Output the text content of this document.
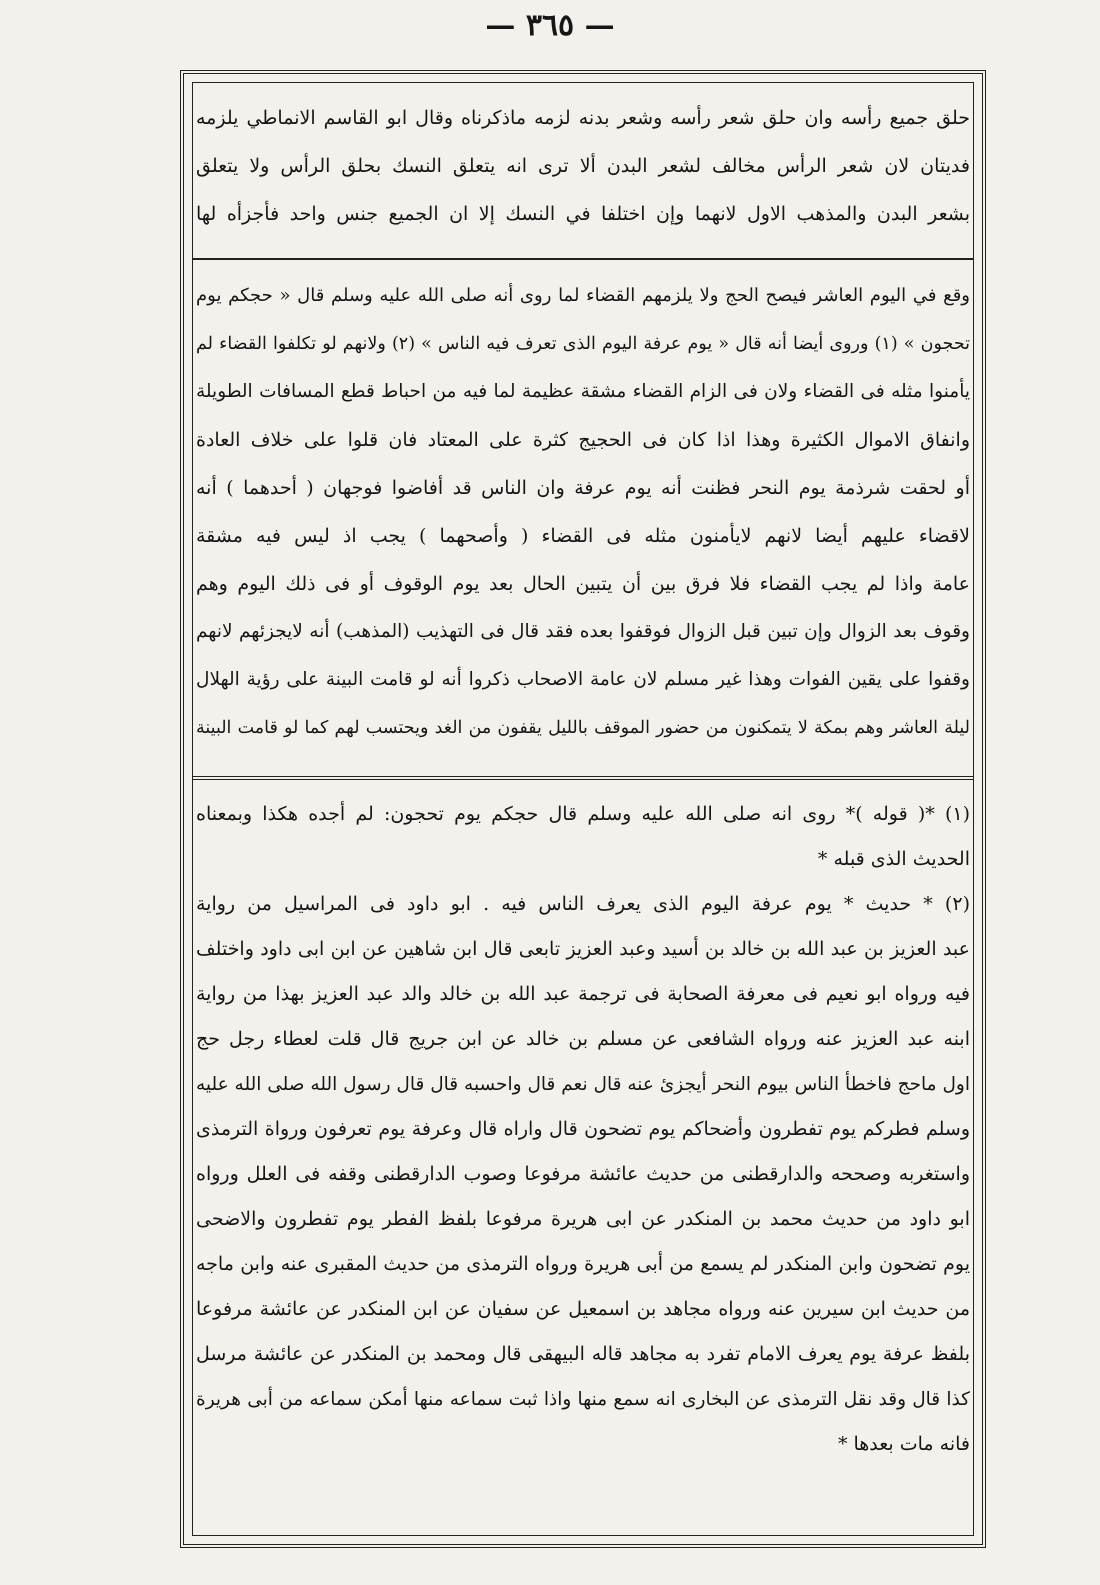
— ٣٦٥ —

حلق جميع رأسه وان حلق شعر رأسه وشعر بدنه لزمه ماذكرناه وقال ابو القاسم الانماطي يلزمه

فديتان لان شعر الرأس مخالف لشعر البدن ألا ترى انه يتعلق النسك بحلق الرأس ولا يتعلق

بشعر البدن والمذهب الاول لانهما وإن اختلفا في النسك إلا ان الجميع جنس واحد فأجزأه لها

وقع في اليوم العاشر فيصح الحج ولا يلزمهم القضاء لما روى أنه صلى الله عليه وسلم قال « حجكم يوم

تحجون » (١) وروى أيضا أنه قال « يوم عرفة اليوم الذى تعرف فيه الناس » (٢) ولانهم لو تكلفوا القضاء لم

يأمنوا مثله فى القضاء ولان فى الزام القضاء مشقة عظيمة لما فيه من احباط قطع المسافات الطويلة

وانفاق الاموال الكثيرة وهذا اذا كان فى الحجيج كثرة على المعتاد فان قلوا على خلاف العادة

أو لحقت شرذمة يوم النحر فظنت أنه يوم عرفة وان الناس قد أفاضوا فوجهان ( أحدهما ) أنه

لاقضاء عليهم أيضا لانهم لايأمنون مثله فى القضاء ( وأصحهما ) يجب اذ ليس فيه مشقة

عامة واذا لم يجب القضاء فلا فرق بين أن يتبين الحال بعد يوم الوقوف أو فى ذلك اليوم وهم

وقوف بعد الزوال وإن تبين قبل الزوال فوقفوا بعده فقد قال فى التهذيب (المذهب) أنه لايجزئهم لانهم

وقفوا على يقين الفوات وهذا غير مسلم لان عامة الاصحاب ذكروا أنه لو قامت البينة على رؤية الهلال

ليلة العاشر وهم بمكة لا يتمكنون من حضور الموقف بالليل يقفون من الغد ويحتسب لهم كما لو قامت البينة

(١) *( قوله )* روى انه صلى الله عليه وسلم قال حجكم يوم تحجون: لم أجده هكذا وبمعناه

الحديث الذى قبله *

(٢) * حديث * يوم عرفة اليوم الذى يعرف الناس فيه . ابو داود فى المراسيل من رواية

عبد العزيز بن عبد الله بن خالد بن أسيد وعبد العزيز تابعى قال ابن شاهين عن ابن ابى داود واختلف

فيه ورواه ابو نعيم فى معرفة الصحابة فى ترجمة عبد الله بن خالد والد عبد العزيز بهذا من رواية

ابنه عبد العزيز عنه ورواه الشافعى عن مسلم بن خالد عن ابن جريج قال قلت لعطاء رجل حج

اول ماحج فاخطأ الناس بيوم النحر أيجزئ عنه قال نعم قال واحسبه قال قال رسول الله صلى الله عليه

وسلم فطركم يوم تفطرون وأضحاكم يوم تضحون قال واراه قال وعرفة يوم تعرفون ورواة الترمذى

واستغربه وصححه والدارقطنى من حديث عائشة مرفوعا وصوب الدارقطنى وقفه فى العلل ورواه

ابو داود من حديث محمد بن المنكدر عن ابى هريرة مرفوعا بلفظ الفطر يوم تفطرون والاضحى

يوم تضحون وابن المنكدر لم يسمع من أبى هريرة ورواه الترمذى من حديث المقبرى عنه وابن ماجه

من حديث ابن سيرين عنه ورواه مجاهد بن اسمعيل عن سفيان عن ابن المنكدر عن عائشة مرفوعا

بلفظ عرفة يوم يعرف الامام تفرد به مجاهد قاله البيهقى قال ومحمد بن المنكدر عن عائشة مرسل

كذا قال وقد نقل الترمذى عن البخارى انه سمع منها واذا ثبت سماعه منها أمكن سماعه من أبى هريرة

فانه مات بعدها *
